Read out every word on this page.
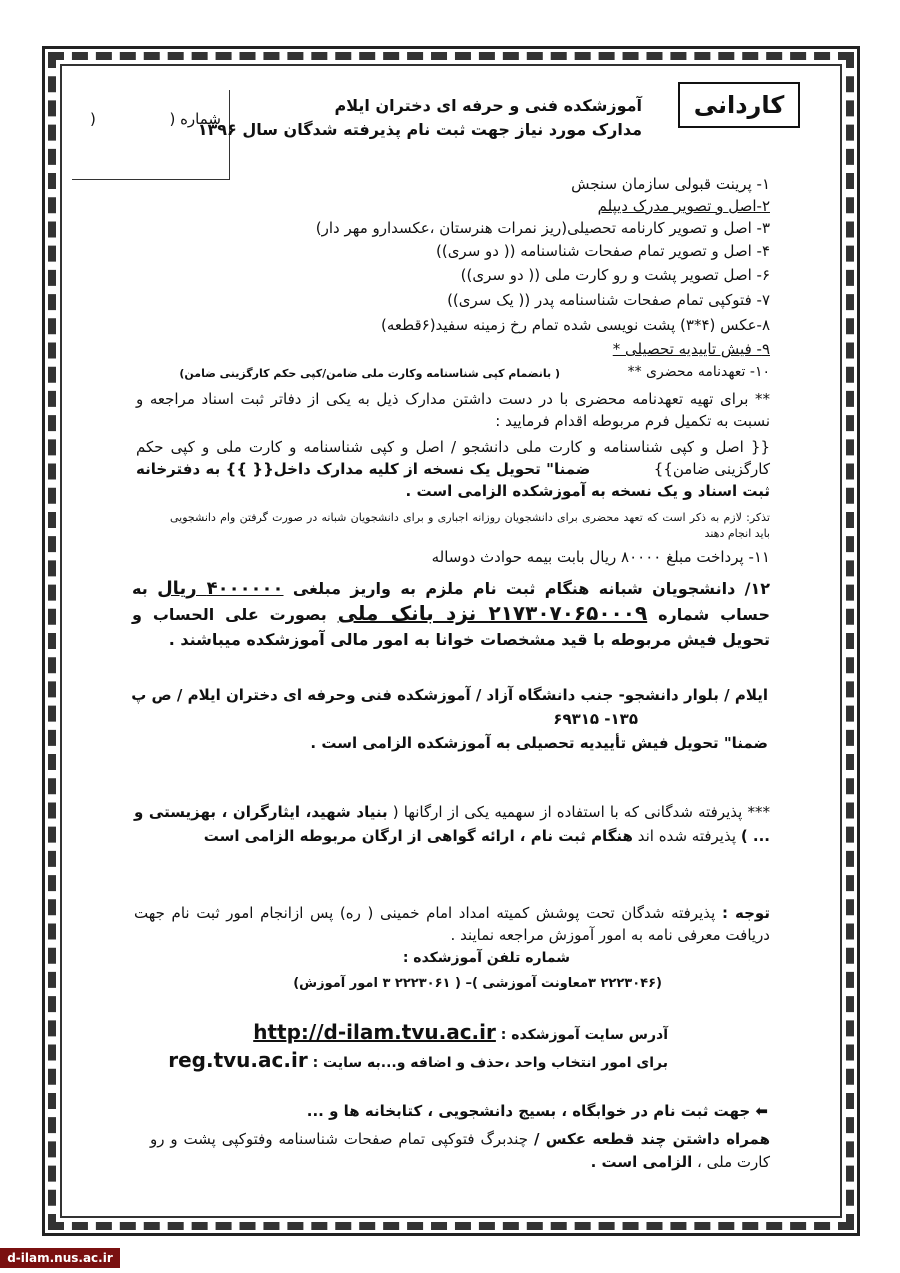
کاردانی
شماره (
)
آموزشکده فنی و حرفه ای دختران ایلام
مدارک مورد نیاز جهت ثبت نام پذیرفته شدگان سال ۱۳۹۶
۱- پرینت قبولی سازمان سنجش
۲-اصل و تصویر مدرک دیپلم
۳- اصل و تصویر کارنامه تحصیلی(ریز نمرات هنرستان ،عکسدارو مهر دار)
۴- اصل و تصویر تمام صفحات شناسنامه (( دو سری))
۶- اصل تصویر پشت و رو کارت ملی (( دو سری))
۷- فتوکپی تمام صفحات شناسنامه پدر (( یک سری))
۸-عکس (۴*۳) پشت نویسی شده تمام رخ زمینه سفید(۶قطعه)
۹- فیش تاییدیه تحصیلی *
۱۰- تعهدنامه محضری **
( بانضمام کپی شناسنامه وکارت ملی ضامن/کپی حکم کارگزینی ضامن)
** برای تهیه تعهدنامه محضری با در دست داشتن مدارک ذیل به یکی از دفاتر ثبت اسناد مراجعه و نسبت به تکمیل فرم مربوطه اقدام فرمایید :
{{ اصل و کپی شناسنامه و کارت ملی دانشجو / اصل و کپی شناسنامه و کارت ملی و کپی حکم کارگزینی ضامن}}
ضمنا" تحویل یک نسخه از کلیه مدارک داخل{{ }} به دفترخانه ثبت اسناد و یک نسخه به آموزشکده الزامی است .
تذکر: لازم به ذکر است که تعهد محضری برای دانشجویان روزانه اجباری و برای دانشجویان شبانه در صورت گرفتن وام دانشجویی باید انجام دهند
۱۱- پرداخت مبلغ ۸۰۰۰۰ ریال بابت بیمه حوادث دوساله
۱۲/ دانشجویان شبانه هنگام ثبت نام ملزم به واریز مبلغی ۴۰۰۰۰۰۰ ریال به حساب شماره ۲۱۷۳۰۷۰۶۵۰۰۰۹ نزد بانک ملی بصورت علی الحساب و تحویل فیش مربوطه با قید مشخصات خوانا به امور مالی آموزشکده میباشند .
ایلام / بلوار دانشجو- جنب دانشگاه آزاد / آموزشکده فنی وحرفه ای دختران ایلام / ص پ
۱۳۵- ۶۹۳۱۵
ضمنا" تحویل فیش تأییدیه تحصیلی به آموزشکده الزامی است .
*** پذیرفته شدگانی که با استفاده از سهمیه یکی از ارگانها ( بنیاد شهید، ایثارگران ، بهزیستی و ... ) پذیرفته شده اند هنگام ثبت نام ، ارائه گواهی از ارگان مربوطه الزامی است
توجه : پذیرفته شدگان تحت پوشش کمیته امداد امام خمینی ( ره) پس ازانجام امور ثبت نام جهت دریافت معرفی نامه به امور آموزش مراجعه نمایند .
شماره تلفن آموزشکده :
(۲۲۲۳۰۴۶ ۳معاونت آموزشی )– ( ۲۲۲۳۰۶۱ ۳ امور آموزش)
آدرس سایت آموزشکده : http://d-ilam.tvu.ac.ir
برای امور انتخاب واحد ،حذف و اضافه و...به سایت : reg.tvu.ac.ir
⬅ جهت ثبت نام در خوابگاه ، بسیج دانشجویی ، کتابخانه ها و ...
همراه داشتن چند قطعه عکس / چندبرگ فتوکپی تمام صفحات شناسنامه وفتوکپی پشت و رو کارت ملی ، الزامی است .
d-ilam.nus.ac.ir
